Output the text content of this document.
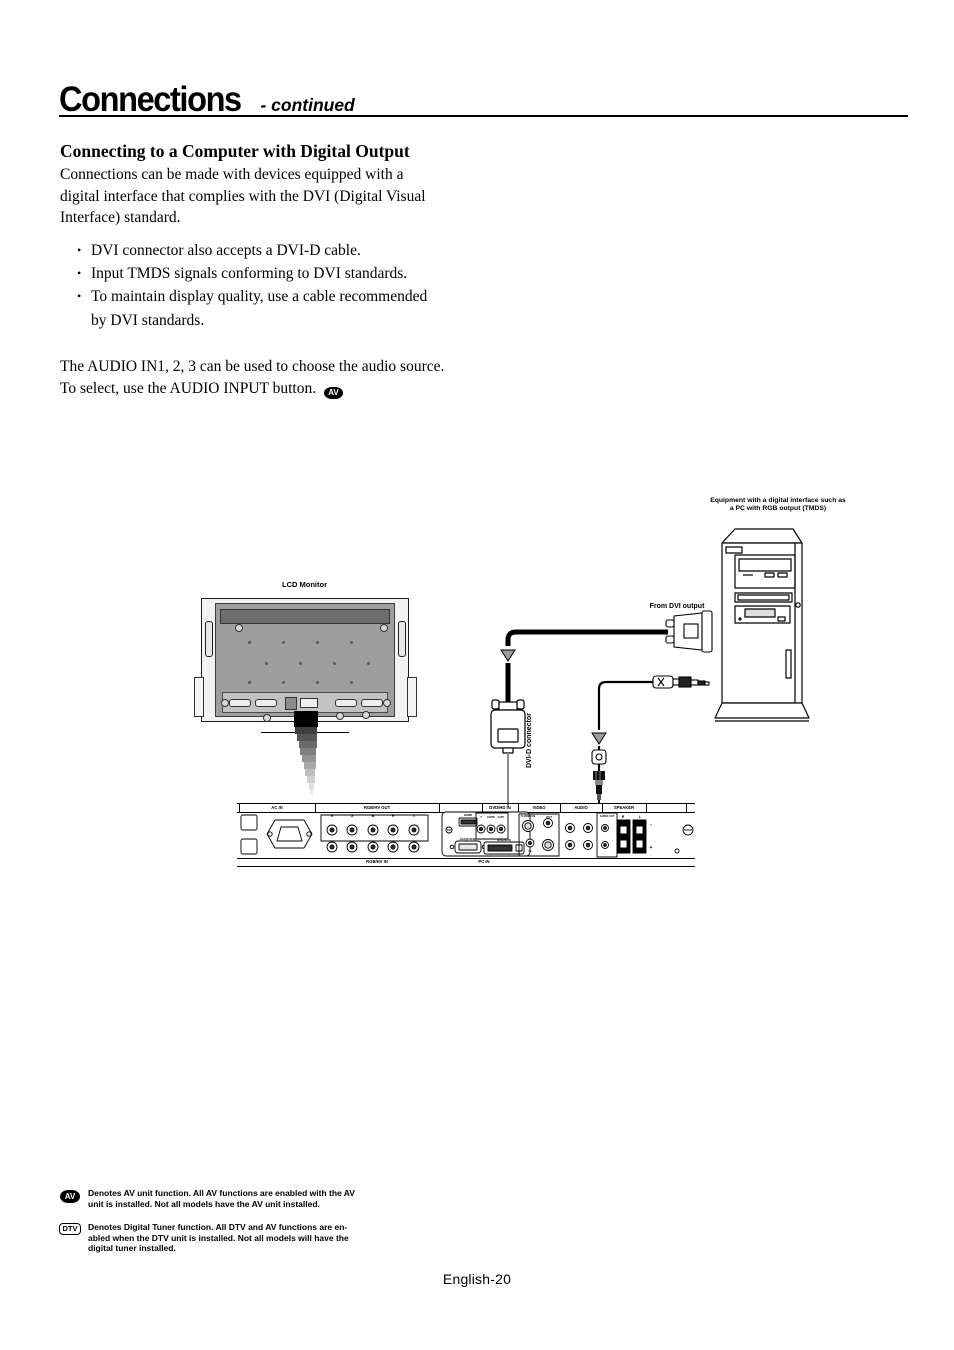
Connections - continued
Connecting to a Computer with Digital Output

Connections can be made with devices equipped with a
digital interface that complies with the DVI (Digital Visual
Interface) standard.

• DVI connector also accepts a DVI-D cable.
• Input TMDS signals conforming to DVI standards.
• To maintain display quality, use a cable recommended
by DVI standards.

The AUDIO IN1, 2, 3 can be used to choose the audio source.
To select, use the AUDIO INPUT button. AV

Equipment with a digital interface such as
a PC with RGB output (TMDS)
LCD Monitor
From DVI output
DVI-D connector
AC IN	RGB/HV OUT	DVD/HD IN	VIDEO	AUDIO	SPEAKER
RGB/HV IN	PC IN
R	G	B	H	V	HDMI
VGA(D-SUB)	DVI(DVI-D)
Y	Cb/Pb Cr/Pr	S-VIDEO IN	OUT
IN
AUDIO OUT	R	L
-
+
AV	Denotes AV unit function. All AV functions are enabled with the AV
unit is installed. Not all models have the AV unit installed.
DTV	Denotes Digital Tuner function. All DTV and AV functions are en-
abled when the DTV unit is installed. Not all models will have the
digital tuner installed.
English-20
